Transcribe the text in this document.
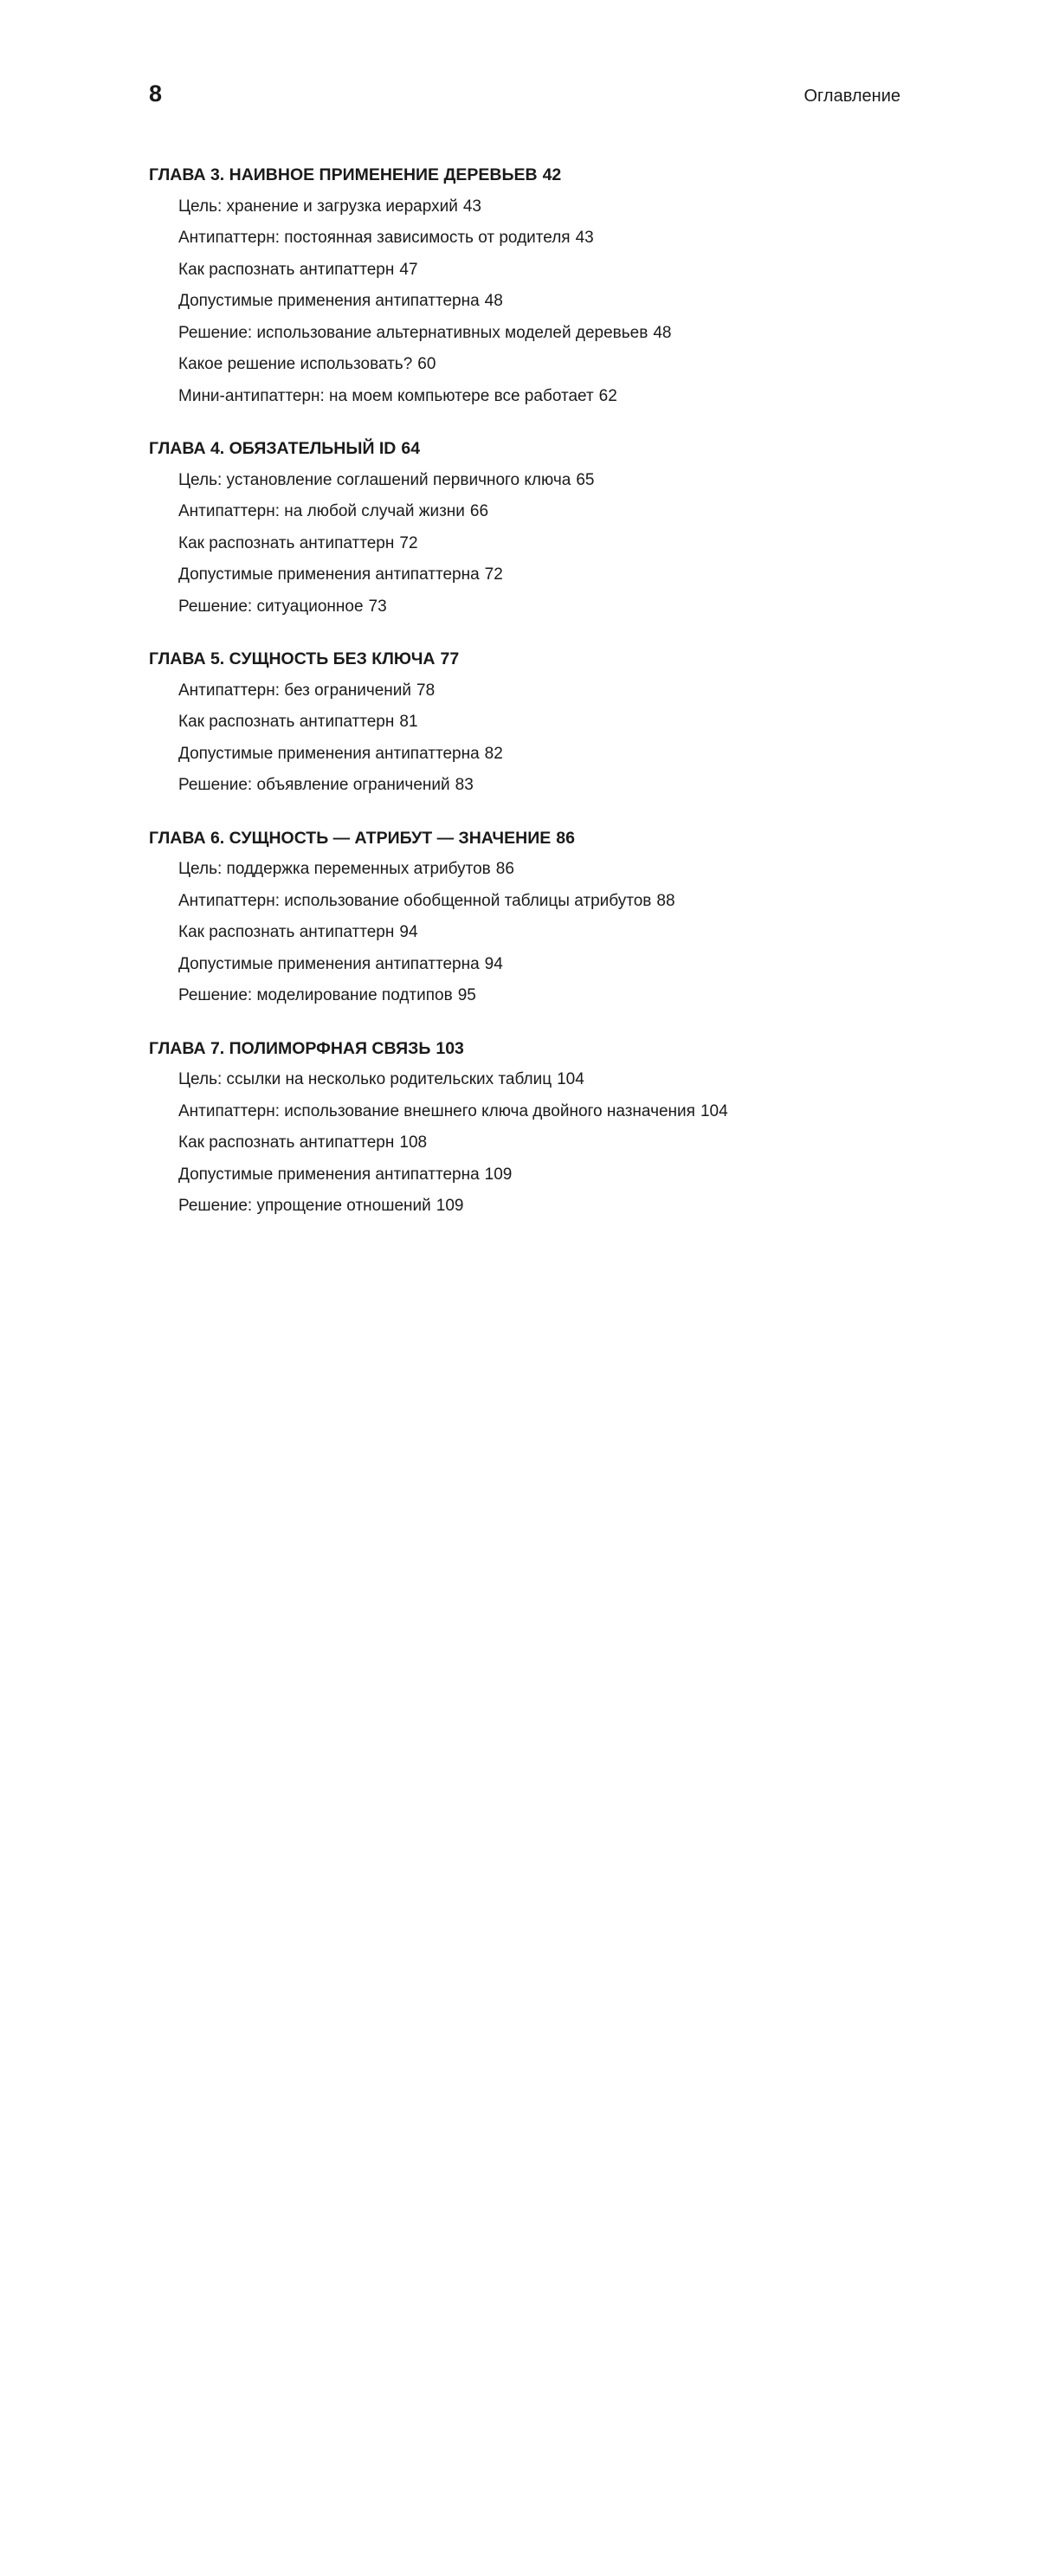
8	Оглавление
ГЛАВА 3. НАИВНОЕ ПРИМЕНЕНИЕ ДЕРЕВЬЕВ 42
Цель: хранение и загрузка иерархий 43
Антипаттерн: постоянная зависимость от родителя 43
Как распознать антипаттерн 47
Допустимые применения антипаттерна 48
Решение: использование альтернативных моделей деревьев 48
Какое решение использовать? 60
Мини-антипаттерн: на моем компьютере все работает 62
ГЛАВА 4. ОБЯЗАТЕЛЬНЫЙ ID 64
Цель: установление соглашений первичного ключа 65
Антипаттерн: на любой случай жизни 66
Как распознать антипаттерн 72
Допустимые применения антипаттерна 72
Решение: ситуационное 73
ГЛАВА 5. СУЩНОСТЬ БЕЗ КЛЮЧА 77
Антипаттерн: без ограничений 78
Как распознать антипаттерн 81
Допустимые применения антипаттерна 82
Решение: объявление ограничений 83
ГЛАВА 6. СУЩНОСТЬ — АТРИБУТ — ЗНАЧЕНИЕ 86
Цель: поддержка переменных атрибутов 86
Антипаттерн: использование обобщенной таблицы атрибутов 88
Как распознать антипаттерн 94
Допустимые применения антипаттерна 94
Решение: моделирование подтипов 95
ГЛАВА 7. ПОЛИМОРФНАЯ СВЯЗЬ 103
Цель: ссылки на несколько родительских таблиц 104
Антипаттерн: использование внешнего ключа двойного назначения 104
Как распознать антипаттерн 108
Допустимые применения антипаттерна 109
Решение: упрощение отношений 109
